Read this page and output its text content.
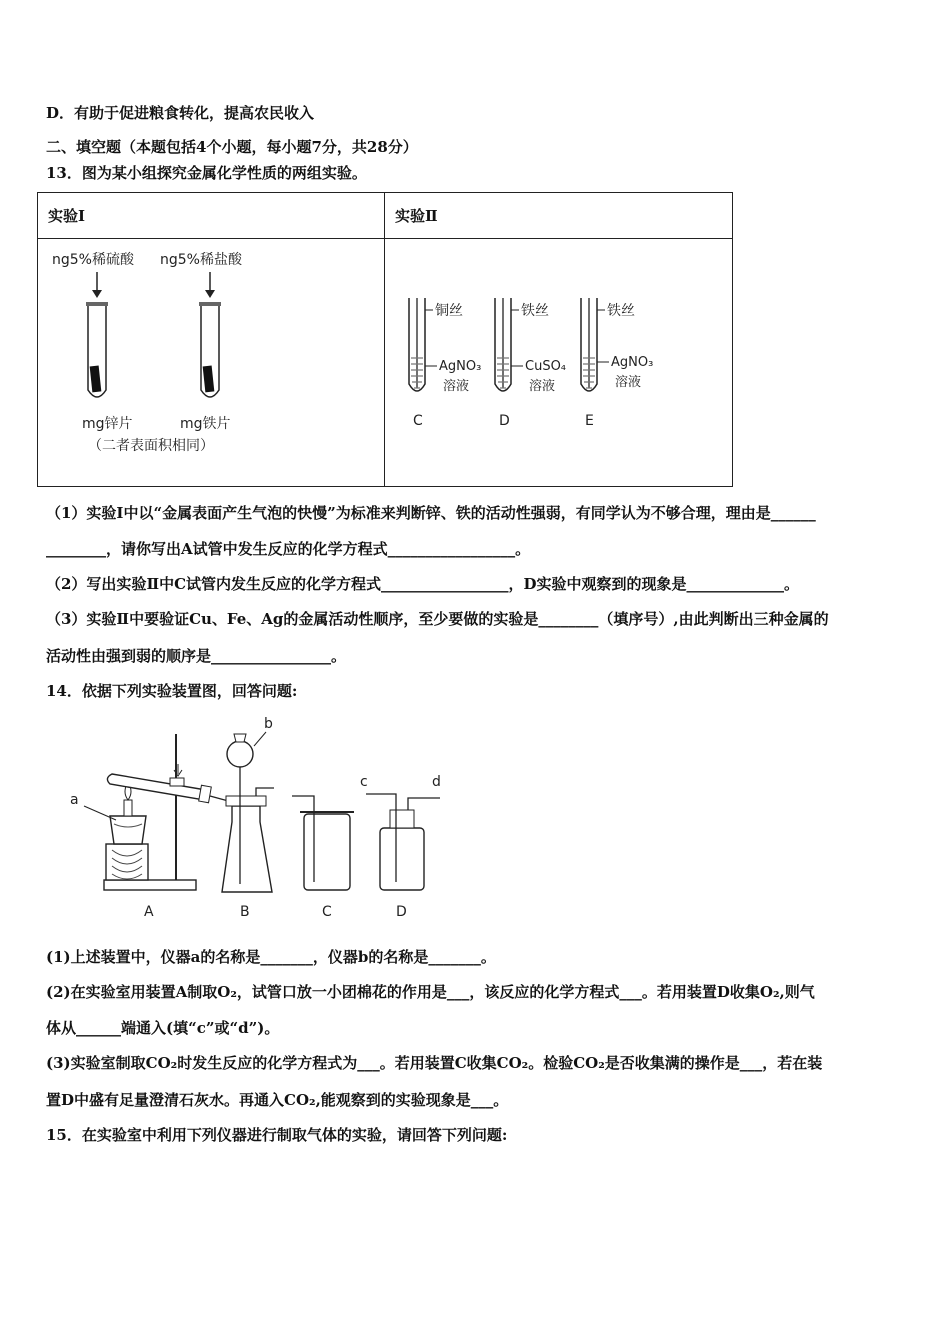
D．有助于促进粮食转化，提高农民收入
二、填空题（本题包括4个小题，每小题7分，共28分）
13．图为某小组探究金属化学性质的两组实验。
实验Ⅰ	实验Ⅱ
ng5%稀硫酸 ng5%稀盐酸
mg锌片	mg铁片
（二者表面积相同）
铜丝
AgNO₃
溶液
C
铁丝
CuSO₄
溶液
D
铁丝
AgNO₃
溶液
E
（1）实验Ⅰ中以“金属表面产生气泡的快慢”为标准来判断锌、铁的活动性强弱，有同学认为不够合理，理由是______
________，请你写出A试管中发生反应的化学方程式_________________。
（2）写出实验Ⅱ中C试管内发生反应的化学方程式_________________，D实验中观察到的现象是_____________。
（3）实验Ⅱ中要验证Cu、Fe、Ag的金属活动性顺序，至少要做的实验是________（填序号）,由此判断出三种金属的
活动性由强到弱的顺序是________________。
14．依据下列实验装置图，回答问题:
a
A
b
B	C
c	d
D
(1)上述装置中，仪器a的名称是_______，仪器b的名称是_______。
(2)在实验室用装置A制取O₂，试管口放一小团棉花的作用是___，该反应的化学方程式___。若用装置D收集O₂,则气
体从______端通入(填“c”或“d”)。
(3)实验室制取CO₂时发生反应的化学方程式为___。若用装置C收集CO₂。检验CO₂是否收集满的操作是___，若在装
置D中盛有足量澄清石灰水。再通入CO₂,能观察到的实验现象是___。
15．在实验室中利用下列仪器进行制取气体的实验，请回答下列问题:
